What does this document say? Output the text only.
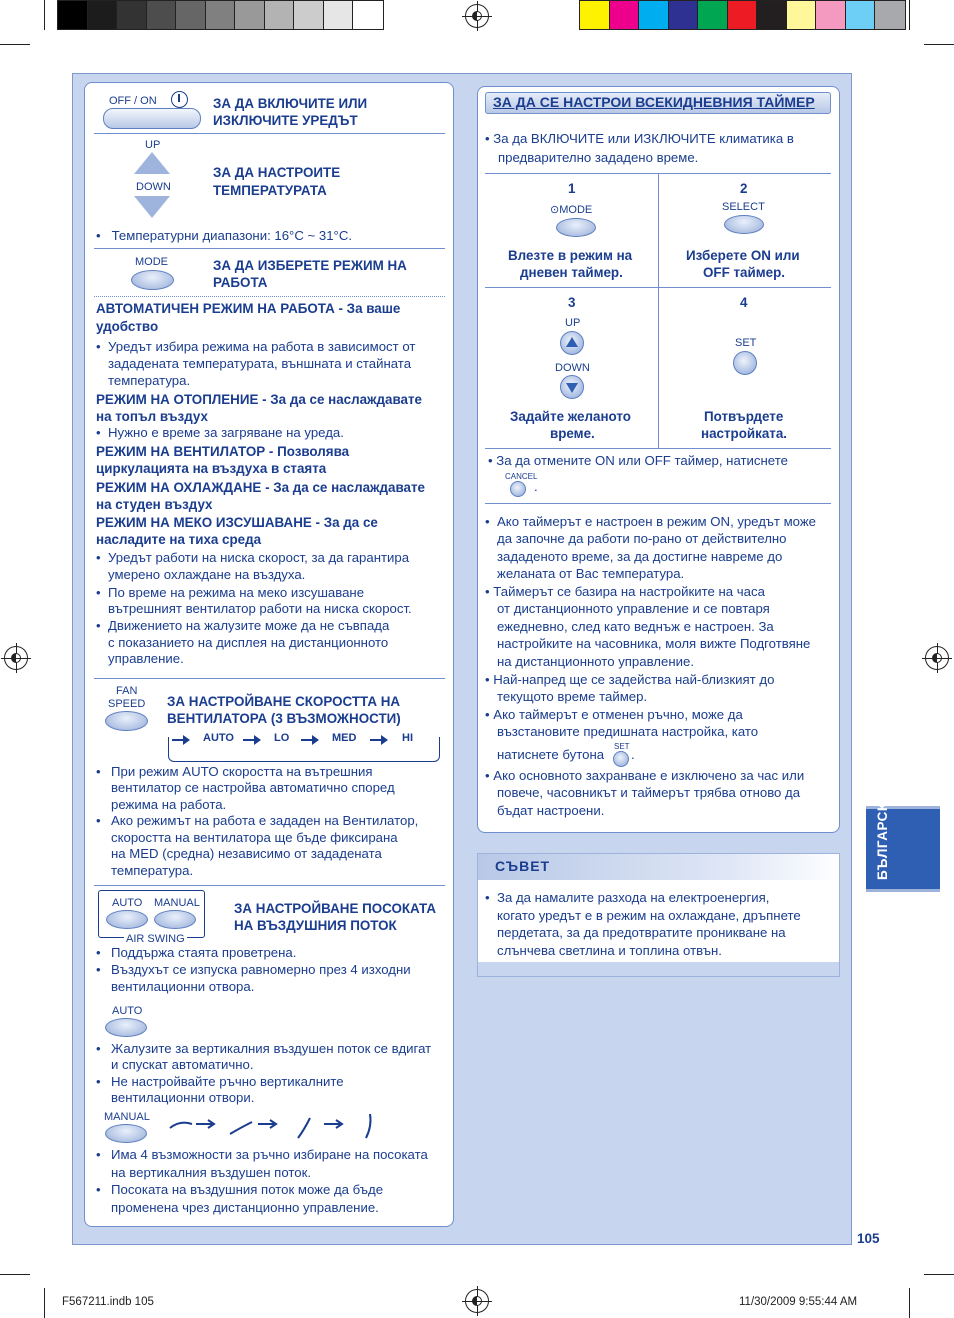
OFF / ON	ЗА ДА ВКЛЮЧИТЕ ИЛИ
ИЗКЛЮЧИТЕ УРЕДЪТ
UP
DOWN
ЗА ДА НАСТРОИТЕ
ТЕМПЕРАТУРАТА
•   Температурни диапазони: 16°C ~ 31°C.
MODE	ЗА ДА ИЗБЕРЕТЕ РЕЖИМ НА
РАБОТА
АВТОМАТИЧЕН РЕЖИМ НА РАБОТА - За ваше
удобство
• Уредът избира режима на работа в зависимост от
зададената температурата, външната и стайната
температура.
РЕЖИМ НА ОТОПЛЕНИЕ - За да се наслаждавате
на топъл въздух
•  Нужно е време за загряване на уреда.
РЕЖИМ НА ВЕНТИЛАТОР - Позволява
циркулацията на въздуха в стаята
РЕЖИМ НА ОХЛАЖДАНЕ - За да се наслаждавате
на студен въздух
РЕЖИМ НА МЕКО ИЗСУШАВАНЕ - За да се
насладите на тиха среда
• Уредът работи на ниска скорост, за да гарантира
умерено охлаждане на въздуха.
• По време на режима на меко изсушаване
вътрешният вентилатор работи на ниска скорост.
• Движението на жалузите може да не съвпада
с показанието на дисплея на дистанционното
управление.
FAN
SPEED ЗА НАСТРОЙВАНЕ СКОРОСТТА НА
ВЕНТИЛАТОРА (3 ВЪЗМОЖНОСТИ)
AUTO	LO	MED	HI
• При режим AUTO скоростта на вътрешния
вентилатор се настройва автоматично според
режима на работа.
• Ако режимът на работа е зададен на Вентилатор,
скоростта на вентилатора ще бъде фиксирана
на MED (средна) независимо от зададената
температура.
AUTO MANUAL
AIR SWING
ЗА НАСТРОЙВАНЕ ПОСОКАТА
НА ВЪЗДУШНИЯ ПОТОК
• Поддържа стаята проветрена.
• Въздухът се изпуска равномерно през 4 изходни
вентилационни отвора.
AUTO
• Жалузите за вертикалния въздушен поток се вдигат
и спускат автоматично.
• Не настройвайте ръчно вертикалните
вентилационни отвори.
MANUAL
• Има 4 възможности за ръчно избиране на посоката
на вертикалния въздушен поток.
• Посоката на въздушния поток може да бъде
променена чрез дистанционно управление.
ЗА ДА СЕ НАСТРОИ ВСЕКИДНЕВНИЯ ТАЙМЕР
• За да ВКЛЮЧИТЕ или ИЗКЛЮЧИТЕ климатика в
предварително зададено време.
1
⊙MODE
Влезте в режим на
дневен таймер.
2
SELECT
Изберете ON или
OFF таймер.
3
UP
DOWN
Задайте желаното
време.
4
SET
Потвърдете
настройката.
• За да отмените ON или OFF таймер, натиснете
CANCEL
.
• Ако таймерът е настроен в режим ON, уредът може
да започне да работи по-рано от действително
зададеното време, за да достигне навреме до
желаната от Вас температура.
• Таймерът се базира на настройките на часа
от дистанционното управление и се повтаря
ежедневно, след като веднъж е настроен. За
настройките на часовника, моля вижте Подготвяне
на дистанционното управление.
• Най-напред ще се задейства най-близкият до
текущото време таймер.
• Ако таймерът е отменен ръчно, може да
възстановите предишната настройка, като
натиснете бутона
SET
.
• Ако основното захранване е изключено за час или
повече, часовникът и таймерът трябва отново да
бъдат настроени.
СЪВЕТ
• За да намалите разхода на електроенергия,
когато уредът е в режим на охлаждане, дръпнете
пердетата, за да предотвратите проникване на
слънчева светлина и топлина отвън.
БЪЛГАРСКИ
105
F567211.indb 105	11/30/2009 9:55:44 AM
